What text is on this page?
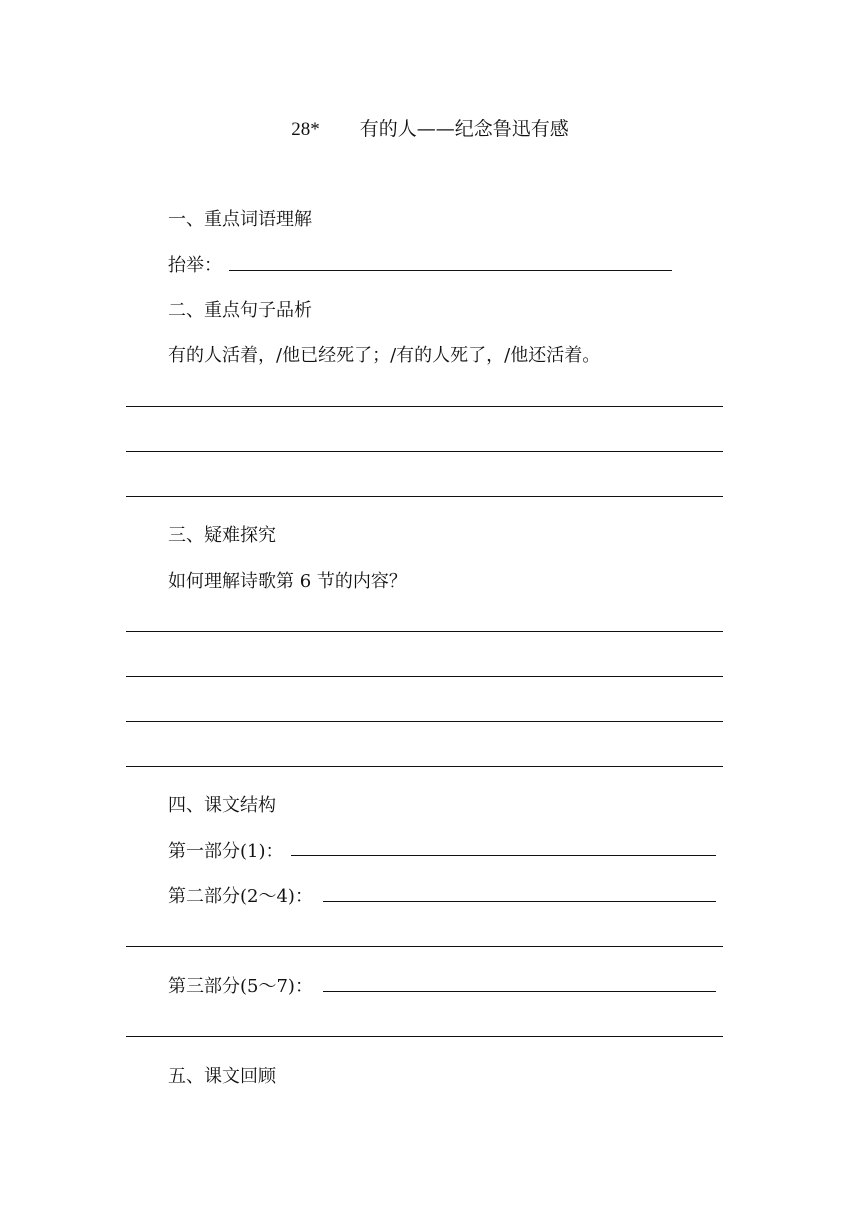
28* 有的人——纪念鲁迅有感
一、重点词语理解
抬举：
二、重点句子品析
有的人活着，/他已经死了；/有的人死了，/他还活着。
三、疑难探究
如何理解诗歌第 6 节的内容？
四、课文结构
第一部分(1)：
第二部分(2～4)：
第三部分(5～7)：
五、课文回顾
